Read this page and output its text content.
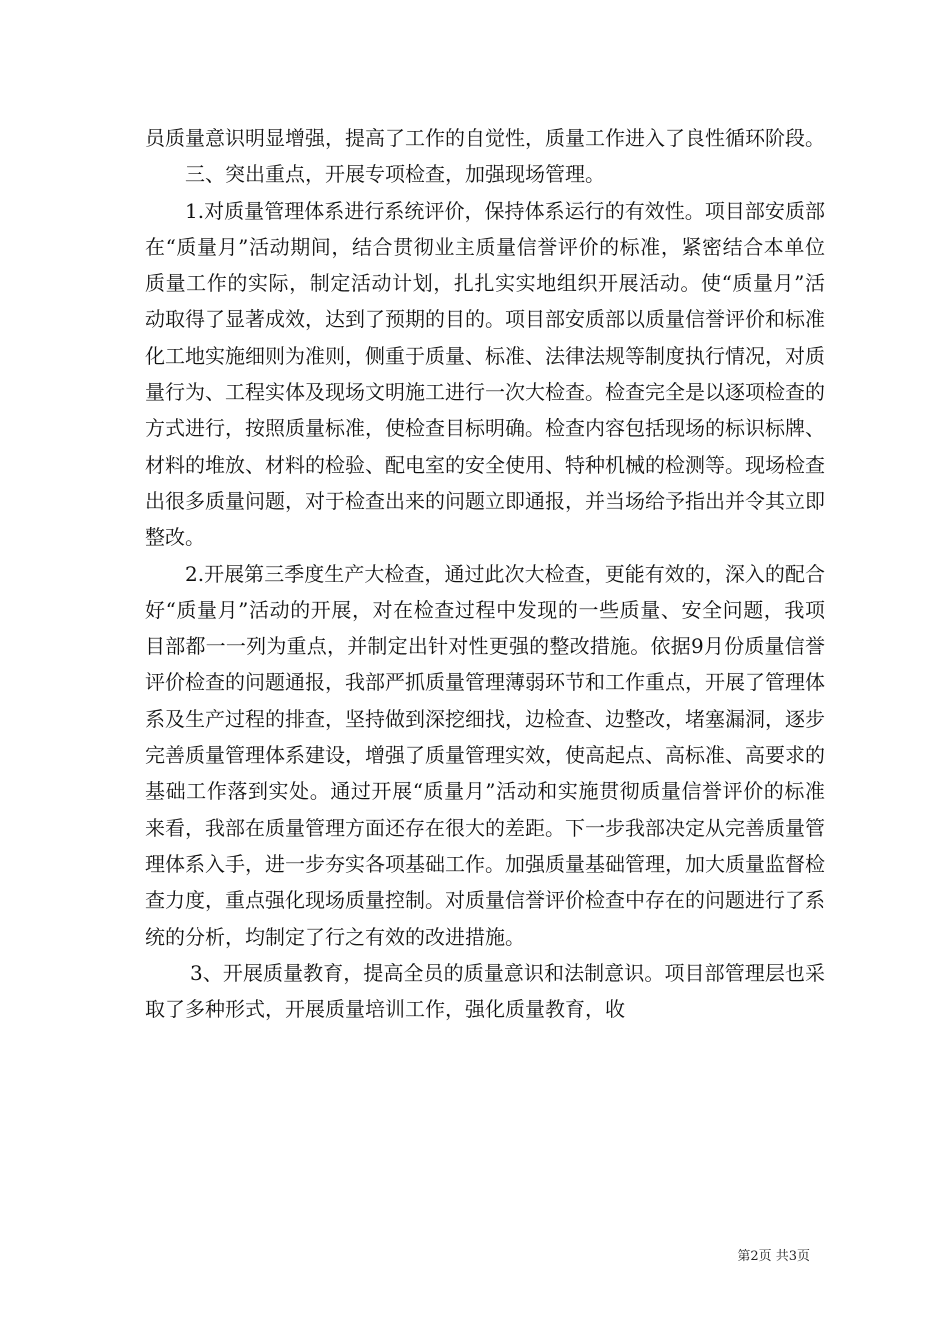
员质量意识明显增强，提高了工作的自觉性，质量工作进入了良性循环阶段。

三、突出重点，开展专项检查，加强现场管理。

1.对质量管理体系进行系统评价，保持体系运行的有效性。项目部安质部在“质量月”活动期间，结合贯彻业主质量信誉评价的标准，紧密结合本单位质量工作的实际，制定活动计划，扎扎实实地组织开展活动。使“质量月”活动取得了显著成效，达到了预期的目的。项目部安质部以质量信誉评价和标准化工地实施细则为准则，侧重于质量、标准、法律法规等制度执行情况，对质量行为、工程实体及现场文明施工进行一次大检查。检查完全是以逐项检查的方式进行，按照质量标准，使检查目标明确。检查内容包括现场的标识标牌、材料的堆放、材料的检验、配电室的安全使用、特种机械的检测等。现场检查出很多质量问题，对于检查出来的问题立即通报，并当场给予指出并令其立即整改。

2.开展第三季度生产大检查，通过此次大检查，更能有效的，深入的配合好“质量月”活动的开展，对在检查过程中发现的一些质量、安全问题，我项目部都一一列为重点，并制定出针对性更强的整改措施。依据9月份质量信誉评价检查的问题通报，我部严抓质量管理薄弱环节和工作重点，开展了管理体系及生产过程的排查，坚持做到深挖细找，边检查、边整改，堵塞漏洞，逐步完善质量管理体系建设，增强了质量管理实效，使高起点、高标准、高要求的基础工作落到实处。通过开展“质量月”活动和实施贯彻质量信誉评价的标准来看，我部在质量管理方面还存在很大的差距。下一步我部决定从完善质量管理体系入手，进一步夯实各项基础工作。加强质量基础管理，加大质量监督检查力度，重点强化现场质量控制。对质量信誉评价检查中存在的问题进行了系统的分析，均制定了行之有效的改进措施。

3、开展质量教育，提高全员的质量意识和法制意识。项目部管理层也采取了多种形式，开展质量培训工作，强化质量教育，收

第2页 共3页
